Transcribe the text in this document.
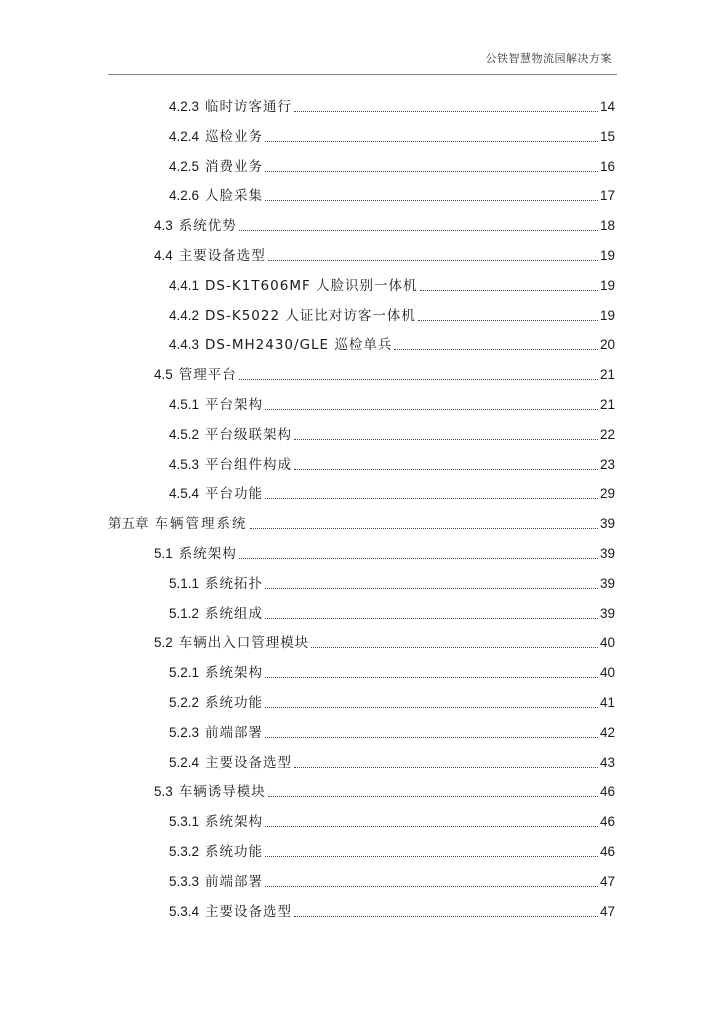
公铁智慧物流园解决方案
4.2.3 临时访客通行	14
4.2.4 巡检业务	15
4.2.5 消费业务	16
4.2.6 人脸采集	17
4.3 系统优势	18
4.4 主要设备选型	19
4.4.1 DS-K1T606MF 人脸识别一体机	19
4.4.2 DS-K5022 人证比对访客一体机	19
4.4.3 DS-MH2430/GLE 巡检单兵	20
4.5 管理平台	21
4.5.1 平台架构	21
4.5.2 平台级联架构	22
4.5.3 平台组件构成	23
4.5.4 平台功能	29
第五章 车辆管理系统	39
5.1 系统架构	39
5.1.1 系统拓扑	39
5.1.2 系统组成	39
5.2 车辆出入口管理模块	40
5.2.1 系统架构	40
5.2.2 系统功能	41
5.2.3 前端部署	42
5.2.4 主要设备选型	43
5.3 车辆诱导模块	46
5.3.1 系统架构	46
5.3.2 系统功能	46
5.3.3 前端部署	47
5.3.4 主要设备选型	47
